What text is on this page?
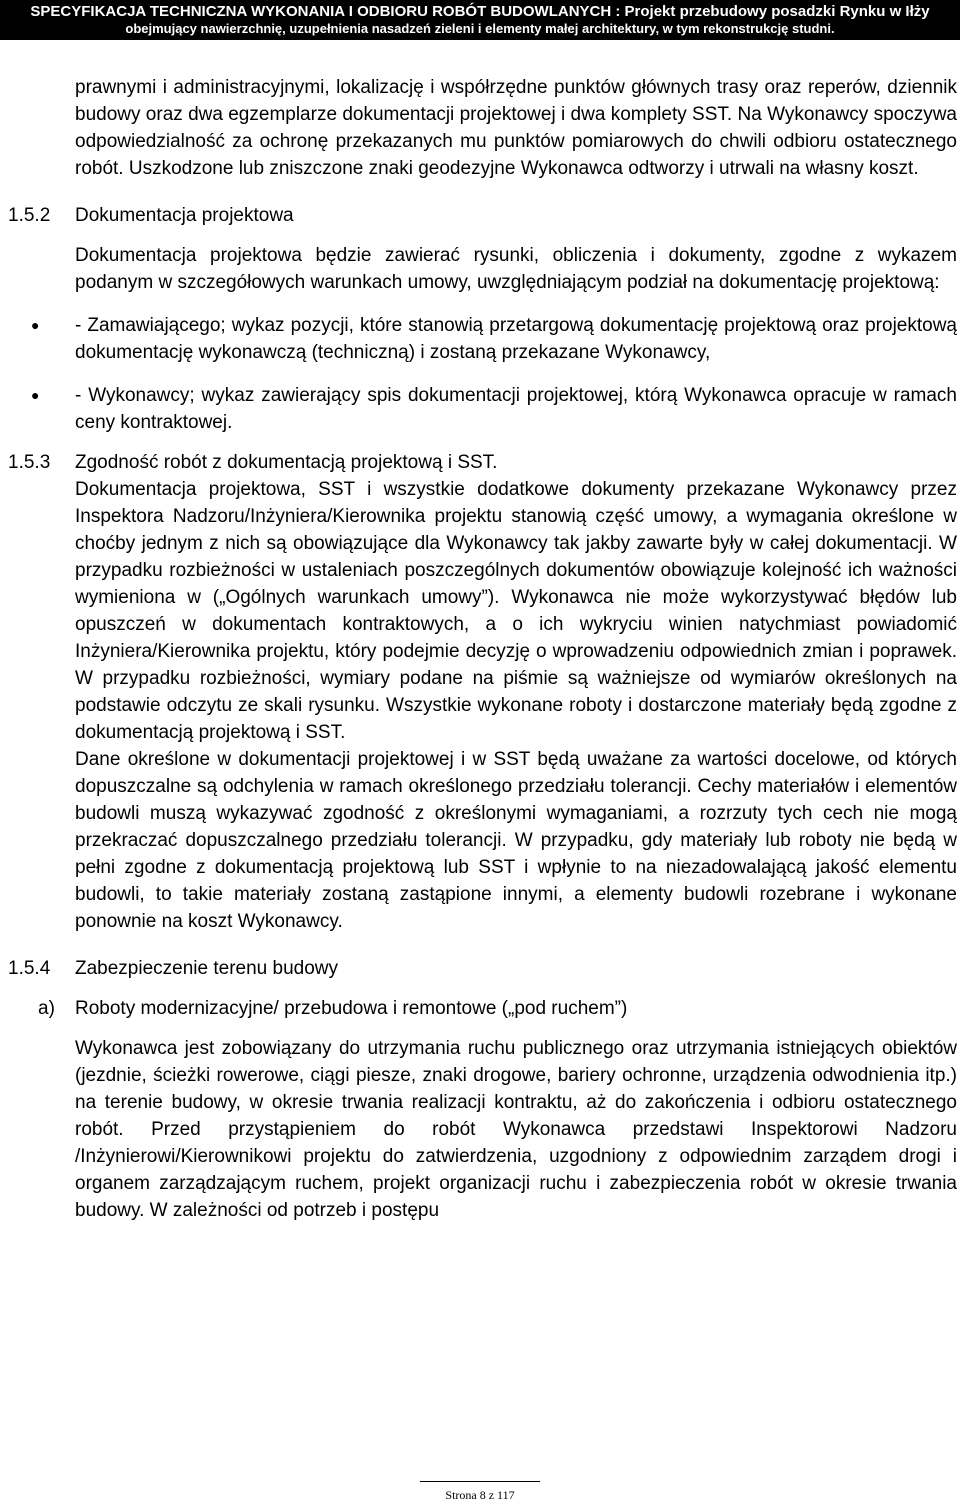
SPECYFIKACJA TECHNICZNA WYKONANIA I ODBIORU ROBÓT BUDOWLANYCH : Projekt przebudowy posadzki Rynku w Iłży
obejmujący nawierzchnię, uzupełnienia nasadzeń zieleni i elementy małej architektury, w tym rekonstrukcję studni.

prawnymi i administracyjnymi, lokalizację i współrzędne punktów głównych trasy oraz reperów, dziennik budowy oraz dwa egzemplarze dokumentacji projektowej i dwa komplety SST. Na Wykonawcy spoczywa odpowiedzialność za ochronę przekazanych mu punktów pomiarowych do chwili odbioru ostatecznego robót. Uszkodzone lub zniszczone znaki geodezyjne Wykonawca odtworzy i utrwali na własny koszt.

1.5.2 Dokumentacja projektowa

Dokumentacja projektowa będzie zawierać rysunki, obliczenia i dokumenty, zgodne z wykazem podanym w szczegółowych warunkach umowy, uwzględniającym podział na dokumentację projektową:

● - Zamawiającego; wykaz pozycji, które stanowią przetargową dokumentację projektową oraz projektową dokumentację wykonawczą (techniczną) i zostaną przekazane Wykonawcy,
● - Wykonawcy; wykaz zawierający spis dokumentacji projektowej, którą Wykonawca opracuje w ramach ceny kontraktowej.
1.5.3 Zgodność robót z dokumentacją projektową i SST.

Dokumentacja projektowa, SST i wszystkie dodatkowe dokumenty przekazane Wykonawcy przez Inspektora Nadzoru/Inżyniera/Kierownika projektu stanowią część umowy, a wymagania określone w choćby jednym z nich są obowiązujące dla Wykonawcy tak jakby zawarte były w całej dokumentacji. W przypadku rozbieżności w ustaleniach poszczególnych dokumentów obowiązuje kolejność ich ważności wymieniona w („Ogólnych warunkach umowy”). Wykonawca nie może wykorzystywać błędów lub opuszczeń w dokumentach kontraktowych, a o ich wykryciu winien natychmiast powiadomić Inżyniera/Kierownika projektu, który podejmie decyzję o wprowadzeniu odpowiednich zmian i poprawek. W przypadku rozbieżności, wymiary podane na piśmie są ważniejsze od wymiarów określonych na podstawie odczytu ze skali rysunku. Wszystkie wykonane roboty i dostarczone materiały będą zgodne z dokumentacją projektową i SST.

Dane określone w dokumentacji projektowej i w SST będą uważane za wartości docelowe, od których dopuszczalne są odchylenia w ramach określonego przedziału tolerancji. Cechy materiałów i elementów budowli muszą wykazywać zgodność z określonymi wymaganiami, a rozrzuty tych cech nie mogą przekraczać dopuszczalnego przedziału tolerancji. W przypadku, gdy materiały lub roboty nie będą w pełni zgodne z dokumentacją projektową lub SST i wpłynie to na niezadowalającą jakość elementu budowli, to takie materiały zostaną zastąpione innymi, a elementy budowli rozebrane i wykonane ponownie na koszt Wykonawcy.

1.5.4 Zabezpieczenie terenu budowy
a) Roboty modernizacyjne/ przebudowa i remontowe („pod ruchem”)

Wykonawca jest zobowiązany do utrzymania ruchu publicznego oraz utrzymania istniejących obiektów (jezdnie, ścieżki rowerowe, ciągi piesze, znaki drogowe, bariery ochronne, urządzenia odwodnienia itp.) na terenie budowy, w okresie trwania realizacji kontraktu, aż do zakończenia i odbioru ostatecznego robót. Przed przystąpieniem do robót Wykonawca przedstawi Inspektorowi Nadzoru /Inżynierowi/Kierownikowi projektu do zatwierdzenia, uzgodniony z odpowiednim zarządem drogi i organem zarządzającym ruchem, projekt organizacji ruchu i zabezpieczenia robót w okresie trwania budowy. W zależności od potrzeb i postępu

Strona 8 z 117
